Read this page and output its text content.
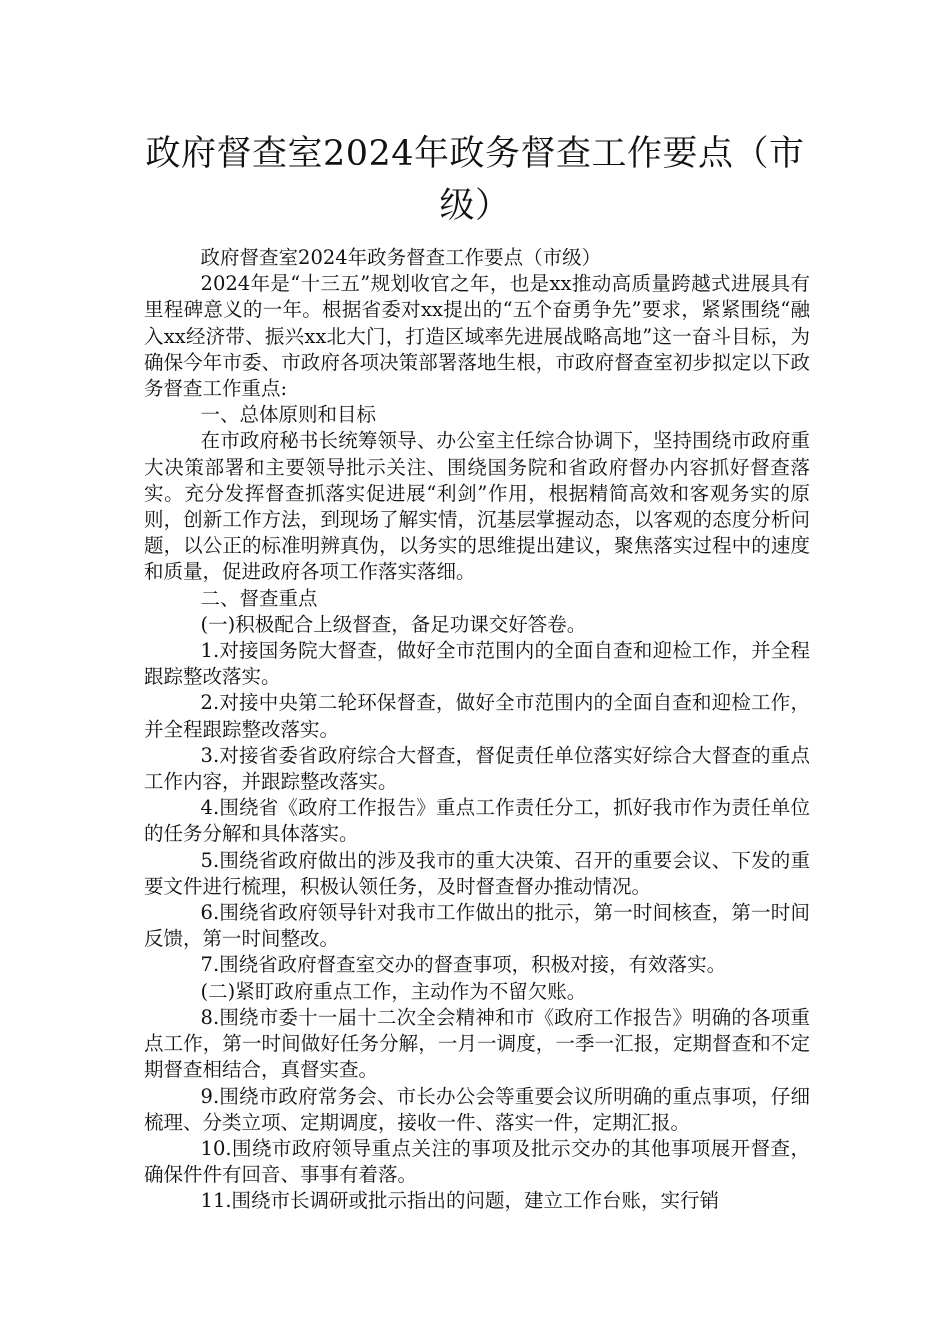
政府督查室2024年政务督查工作要点（市级）

政府督查室2024年政务督查工作要点（市级）

2024年是“十三五”规划收官之年，也是xx推动高质量跨越式进展具有里程碑意义的一年。根据省委对xx提出的“五个奋勇争先”要求，紧紧围绕“融入xx经济带、振兴xx北大门，打造区域率先进展战略高地”这一奋斗目标，为确保今年市委、市政府各项决策部署落地生根，市政府督查室初步拟定以下政务督查工作重点:

一、总体原则和目标

在市政府秘书长统筹领导、办公室主任综合协调下，坚持围绕市政府重大决策部署和主要领导批示关注、围绕国务院和省政府督办内容抓好督查落实。充分发挥督查抓落实促进展“利剑”作用，根据精简高效和客观务实的原则，创新工作方法，到现场了解实情，沉基层掌握动态，以客观的态度分析问题，以公正的标准明辨真伪，以务实的思维提出建议，聚焦落实过程中的速度和质量，促进政府各项工作落实落细。

二、督查重点

(一)积极配合上级督查，备足功课交好答卷。

1.对接国务院大督查，做好全市范围内的全面自查和迎检工作，并全程跟踪整改落实。

2.对接中央第二轮环保督查，做好全市范围内的全面自查和迎检工作，并全程跟踪整改落实。

3.对接省委省政府综合大督查，督促责任单位落实好综合大督查的重点工作内容，并跟踪整改落实。

4.围绕省《政府工作报告》重点工作责任分工，抓好我市作为责任单位的任务分解和具体落实。

5.围绕省政府做出的涉及我市的重大决策、召开的重要会议、下发的重要文件进行梳理，积极认领任务，及时督查督办推动情况。

6.围绕省政府领导针对我市工作做出的批示，第一时间核查，第一时间反馈，第一时间整改。

7.围绕省政府督查室交办的督查事项，积极对接，有效落实。

(二)紧盯政府重点工作，主动作为不留欠账。

8.围绕市委十一届十二次全会精神和市《政府工作报告》明确的各项重点工作，第一时间做好任务分解，一月一调度，一季一汇报，定期督查和不定期督查相结合，真督实查。

9.围绕市政府常务会、市长办公会等重要会议所明确的重点事项，仔细梳理、分类立项、定期调度，接收一件、落实一件，定期汇报。

10.围绕市政府领导重点关注的事项及批示交办的其他事项展开督查，确保件件有回音、事事有着落。

11.围绕市长调研或批示指出的问题，建立工作台账，实行销
